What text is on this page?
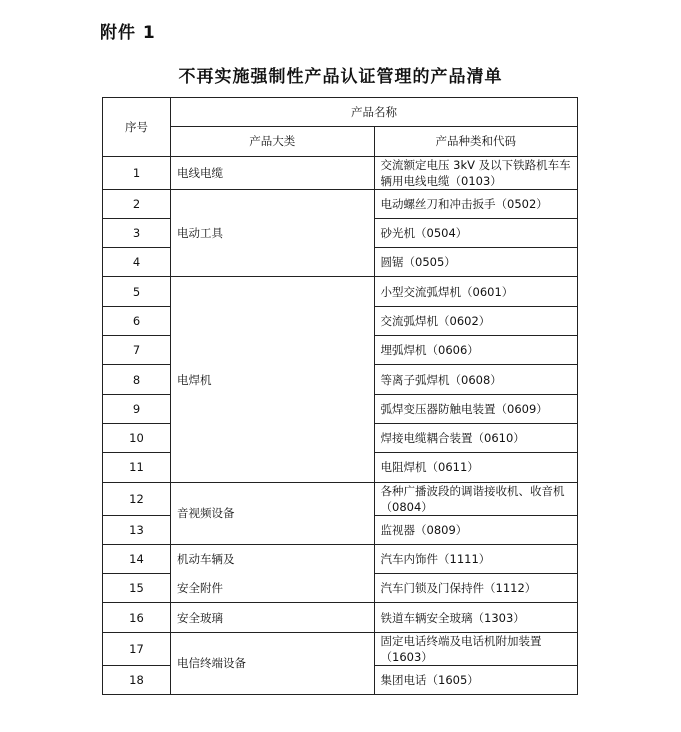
附件 1
不再实施强制性产品认证管理的产品清单
序号	产品名称	
	产品大类	产品种类和代码
1	电线电缆	交流额定电压 3kV 及以下铁路机车车辆用电线电缆（0103）
2	电动工具	电动螺丝刀和冲击扳手（0502）
3		砂光机（0504）
4		圆锯（0505）
5	电焊机	小型交流弧焊机（0601）
6		交流弧焊机（0602）
7		埋弧焊机（0606）
8		等离子弧焊机（0608）
9		弧焊变压器防触电装置（0609）
10		焊接电缆耦合装置（0610）
11		电阻焊机（0611）
12	音视频设备	各种广播波段的调谐接收机、收音机（0804）
13		监视器（0809）
14	机动车辆及	汽车内饰件（1111）
15	安全附件	汽车门锁及门保持件（1112）
16	安全玻璃	铁道车辆安全玻璃（1303）
17	电信终端设备	固定电话终端及电话机附加装置（1603）
18		集团电话（1605）
